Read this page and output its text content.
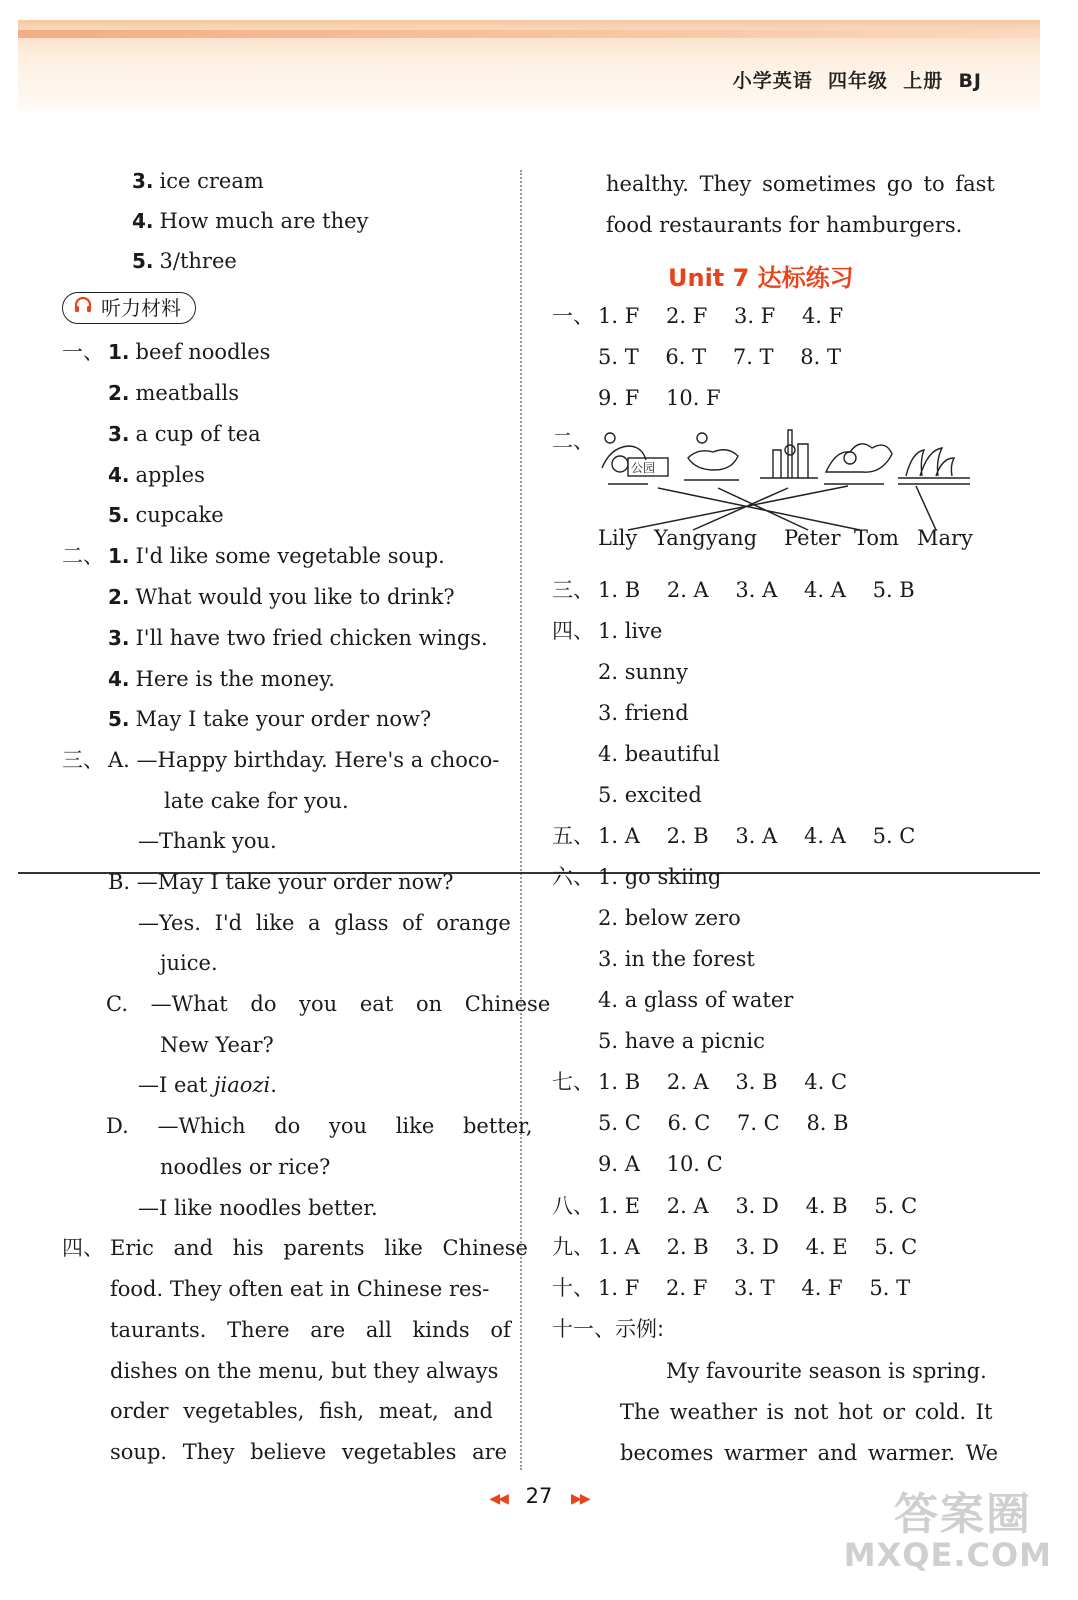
小学英语  四年级  上册  BJ
3. ice cream
4. How much are they
5. 3/three
听力材料
一、 1. beef noodles
2. meatballs
3. a cup of tea
4. apples
5. cupcake
二、 1. I'd like some vegetable soup.
2. What would you like to drink?
3. I'll have two fried chicken wings.
4. Here is the money.
5. May I take your order now?
三、 A. —Happy birthday. Here's a choco-
late cake for you.
—Thank you.
B. —May I take your order now?
—Yes. I'd like a glass of orange
juice.
C. —What do you eat on Chinese
New Year?
—I eat jiaozi.
D. —Which do you like better,
noodles or rice?
—I like noodles better.
四、 Eric and his parents like Chinese
food. They often eat in Chinese res-
taurants. There are all kinds of
dishes on the menu, but they always
order vegetables, fish, meat, and
soup. They believe vegetables are
healthy. They sometimes go to fast
food restaurants for hamburgers.
Unit 7 达标练习
一、 1. F    2. F    3. F    4. F
5. T    6. T    7. T    8. T
9. F    10. F
二、
公园
Lily Yangyang Peter Tom Mary
三、 1. B    2. A    3. A    4. A    5. B
四、 1. live
2. sunny
3. friend
4. beautiful
5. excited
五、 1. A    2. B    3. A    4. A    5. C
六、 1. go skiing
2. below zero
3. in the forest
4. a glass of water
5. have a picnic
七、 1. B    2. A    3. B    4. C
5. C    6. C    7. C    8. B
9. A    10. C
八、 1. E    2. A    3. D    4. B    5. C
九、 1. A    2. B    3. D    4. E    5. C
十、 1. F    2. F    3. T    4. F    5. T
十一、示例:
My favourite season is spring.
The weather is not hot or cold. It
becomes warmer and warmer. We
◀◀ 27 ▶▶	答案圈
MXQE.COM
